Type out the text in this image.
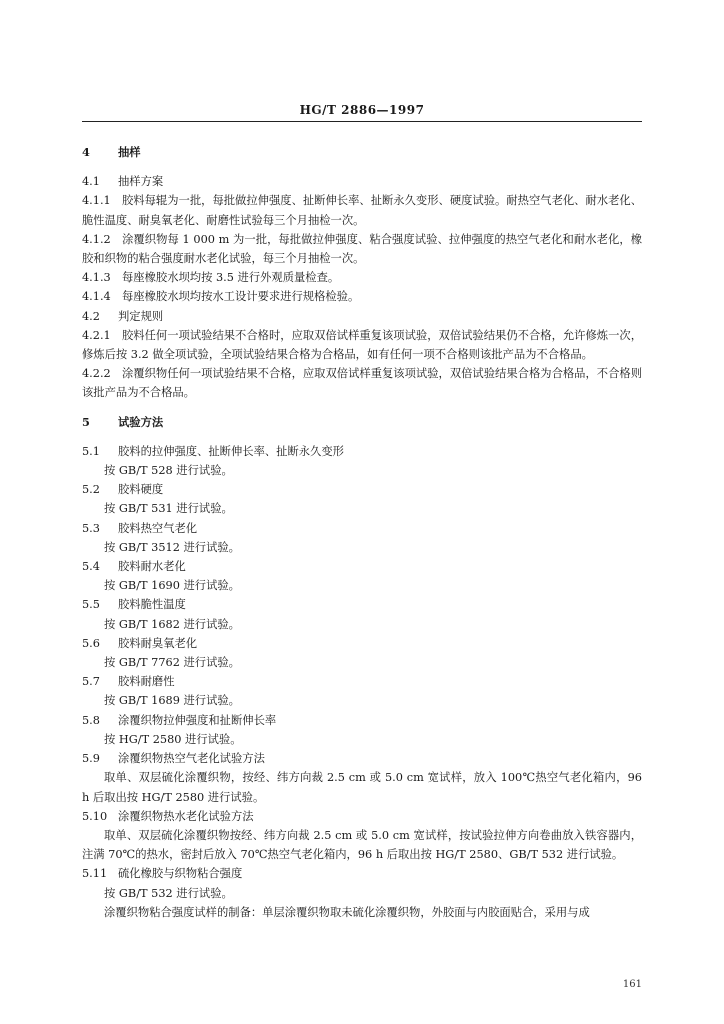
HG/T 2886—1997

4 抽样

4.1 抽样方案

4.1.1 胶料每辊为一批，每批做拉伸强度、扯断伸长率、扯断永久变形、硬度试验。耐热空气老化、耐水老化、脆性温度、耐臭氧老化、耐磨性试验每三个月抽检一次。

4.1.2 涂覆织物每 1 000 m 为一批，每批做拉伸强度、粘合强度试验、拉伸强度的热空气老化和耐水老化，橡胶和织物的粘合强度耐水老化试验，每三个月抽检一次。

4.1.3 每座橡胶水坝均按 3.5 进行外观质量检查。

4.1.4 每座橡胶水坝均按水工设计要求进行规格检验。

4.2 判定规则

4.2.1 胶料任何一项试验结果不合格时，应取双倍试样重复该项试验，双倍试验结果仍不合格，允许修炼一次，修炼后按 3.2 做全项试验，全项试验结果合格为合格品，如有任何一项不合格则该批产品为不合格品。

4.2.2 涂覆织物任何一项试验结果不合格，应取双倍试样重复该项试验，双倍试验结果合格为合格品，不合格则该批产品为不合格品。

5 试验方法

5.1 胶料的拉伸强度、扯断伸长率、扯断永久变形

按 GB/T 528 进行试验。

5.2 胶料硬度

按 GB/T 531 进行试验。

5.3 胶料热空气老化

按 GB/T 3512 进行试验。

5.4 胶料耐水老化

按 GB/T 1690 进行试验。

5.5 胶料脆性温度

按 GB/T 1682 进行试验。

5.6 胶料耐臭氧老化

按 GB/T 7762 进行试验。

5.7 胶料耐磨性

按 GB/T 1689 进行试验。

5.8 涂覆织物拉伸强度和扯断伸长率

按 HG/T 2580 进行试验。

5.9 涂覆织物热空气老化试验方法

取单、双层硫化涂覆织物，按经、纬方向裁 2.5 cm 或 5.0 cm 宽试样，放入 100℃热空气老化箱内，96 h 后取出按 HG/T 2580 进行试验。

5.10 涂覆织物热水老化试验方法

取单、双层硫化涂覆织物按经、纬方向裁 2.5 cm 或 5.0 cm 宽试样，按试验拉伸方向卷曲放入铁容器内，注满 70℃的热水，密封后放入 70℃热空气老化箱内，96 h 后取出按 HG/T 2580、GB/T 532 进行试验。

5.11 硫化橡胶与织物粘合强度

按 GB/T 532 进行试验。

涂覆织物粘合强度试样的制备：单层涂覆织物取未硫化涂覆织物，外胶面与内胶面贴合，采用与成

161
